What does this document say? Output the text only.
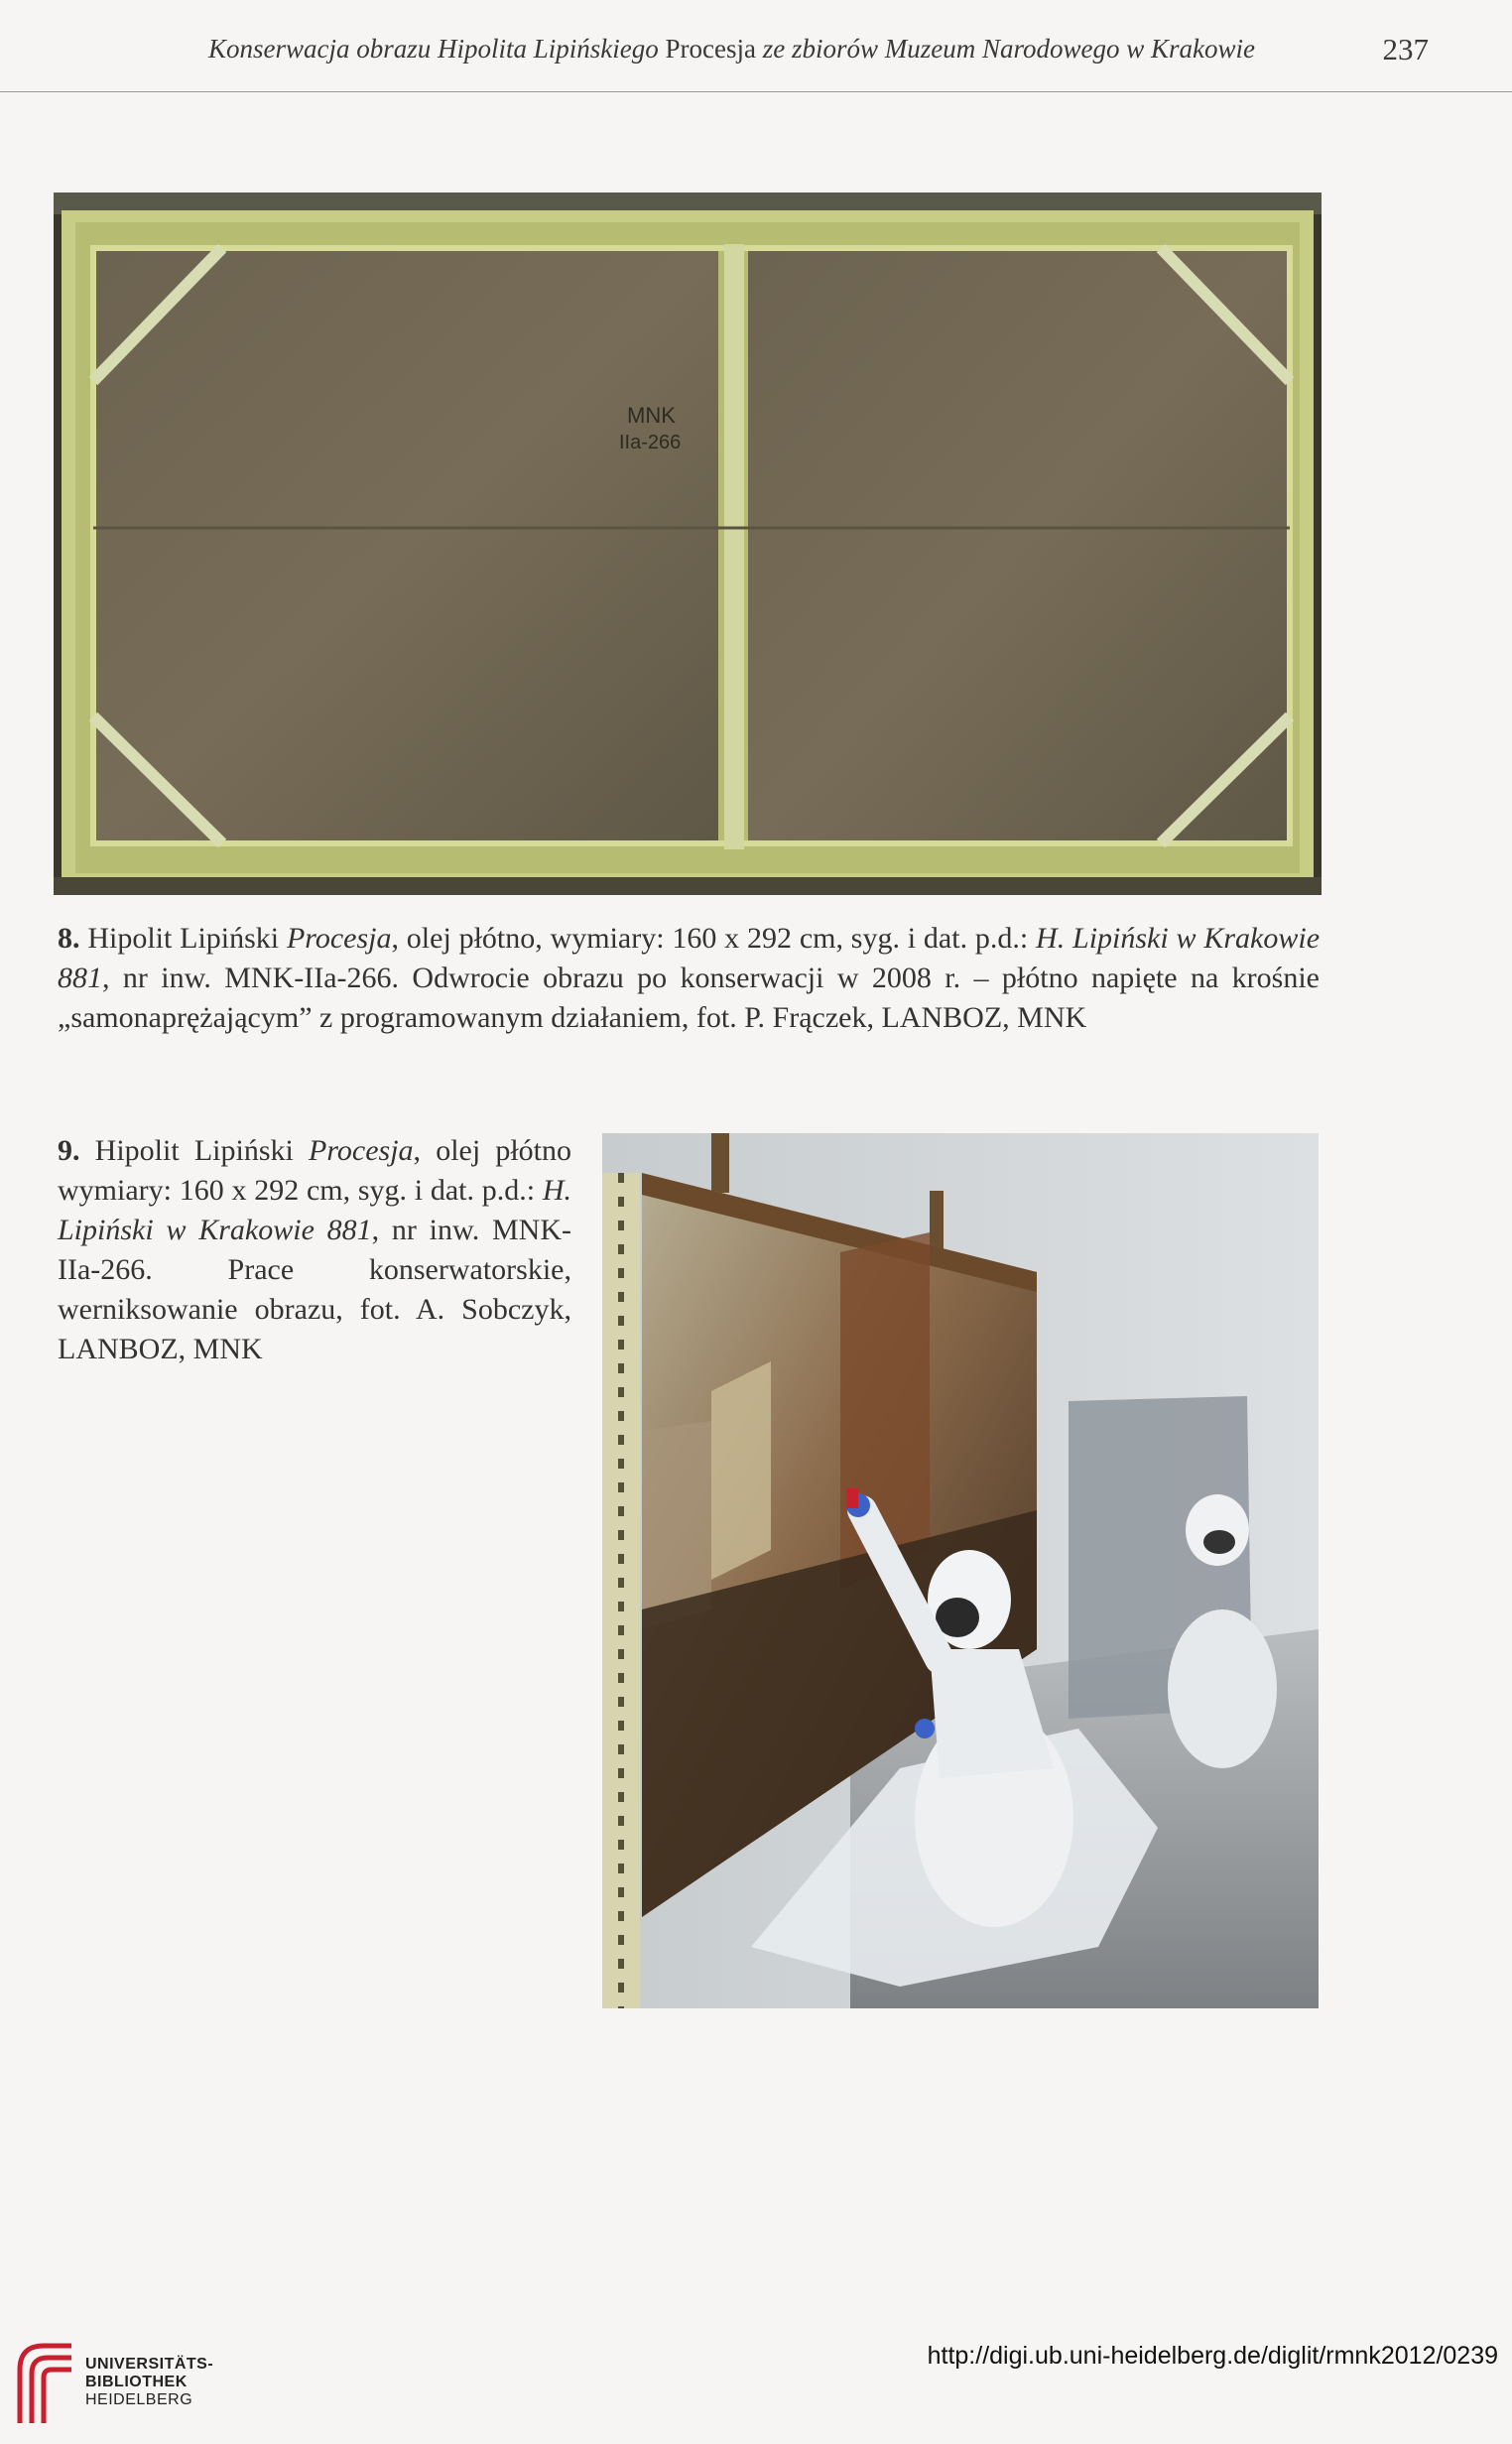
Konserwacja obrazu Hipolita Lipińskiego Procesja ze zbiorów Muzeum Narodowego w Krakowie	237
MNK
IIa-266
8. Hipolit Lipiński Procesja, olej płótno, wymiary: 160 x 292 cm, syg. i dat. p.d.: H. Lipiński w Krakowie 881, nr inw. MNK-IIa-266. Odwrocie obrazu po konserwacji w 2008 r. – płótno napięte na krośnie „samonaprężającym” z programowanym działaniem, fot. P. Frączek, LANBOZ, MNK
9. Hipolit Lipiński Procesja, olej płótno wymiary: 160 x 292 cm, syg. i dat. p.d.: H. Lipiński w Krakowie 881, nr inw. MNK-IIa-266. Prace konserwatorskie, werniksowanie obrazu, fot. A. Sobczyk, LANBOZ, MNK
UNIVERSITÄTS-
BIBLIOTHEK
HEIDELBERG
http://digi.ub.uni-heidelberg.de/diglit/rmnk2012/0239
